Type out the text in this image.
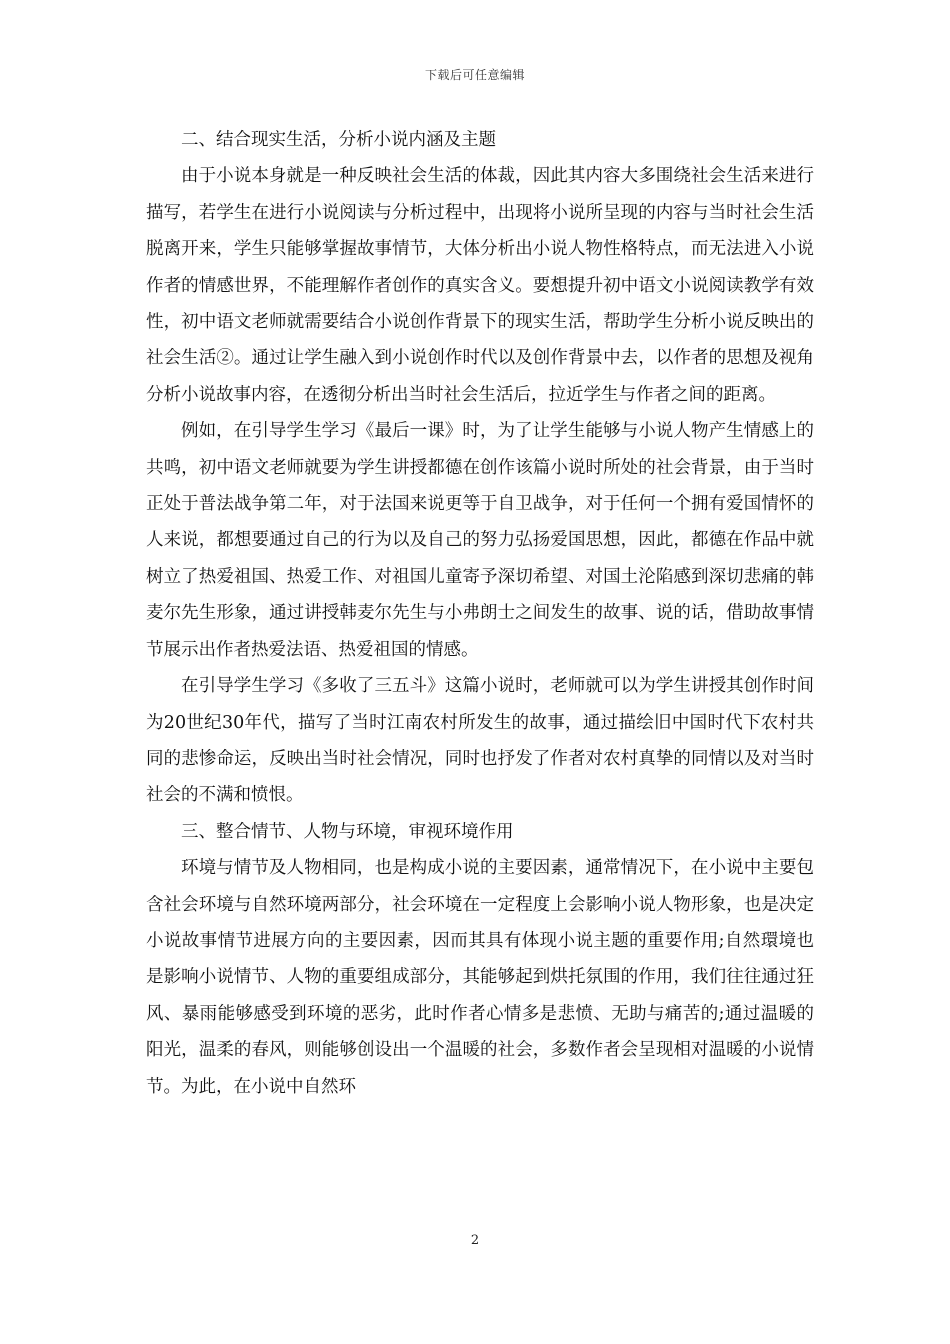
下载后可任意编辑

二、结合现实生活，分析小说内涵及主题

由于小说本身就是一种反映社会生活的体裁，因此其内容大多围绕社会生活来进行描写，若学生在进行小说阅读与分析过程中，出现将小说所呈现的内容与当时社会生活脱离开来，学生只能够掌握故事情节，大体分析出小说人物性格特点，而无法进入小说作者的情感世界，不能理解作者创作的真实含义。要想提升初中语文小说阅读教学有效性，初中语文老师就需要结合小说创作背景下的现实生活，帮助学生分析小说反映出的社会生活②。通过让学生融入到小说创作时代以及创作背景中去，以作者的思想及视角分析小说故事内容，在透彻分析出当时社会生活后，拉近学生与作者之间的距离。

例如，在引导学生学习《最后一课》时，为了让学生能够与小说人物产生情感上的共鸣，初中语文老师就要为学生讲授都德在创作该篇小说时所处的社会背景，由于当时正处于普法战争第二年，对于法国来说更等于自卫战争，对于任何一个拥有爱国情怀的人来说，都想要通过自己的行为以及自己的努力弘扬爱国思想，因此，都德在作品中就树立了热爱祖国、热爱工作、对祖国儿童寄予深切希望、对国土沦陷感到深切悲痛的韩麦尔先生形象，通过讲授韩麦尔先生与小弗朗士之间发生的故事、说的话，借助故事情节展示出作者热爱法语、热爱祖国的情感。

在引导学生学习《多收了三五斗》这篇小说时，老师就可以为学生讲授其创作时间为20世纪30年代，描写了当时江南农村所发生的故事，通过描绘旧中国时代下农村共同的悲惨命运，反映出当时社会情况，同时也抒发了作者对农村真挚的同情以及对当时社会的不满和愤恨。

三、整合情节、人物与环境，审视环境作用

环境与情节及人物相同，也是构成小说的主要因素，通常情况下，在小说中主要包含社会环境与自然环境两部分，社会环境在一定程度上会影响小说人物形象，也是决定小说故事情节进展方向的主要因素，因而其具有体现小说主题的重要作用;自然環境也是影响小说情节、人物的重要组成部分，其能够起到烘托氛围的作用，我们往往通过狂风、暴雨能够感受到环境的恶劣，此时作者心情多是悲愤、无助与痛苦的;通过温暖的阳光，温柔的春风，则能够创设出一个温暖的社会，多数作者会呈现相对温暖的小说情节。为此，在小说中自然环

2
